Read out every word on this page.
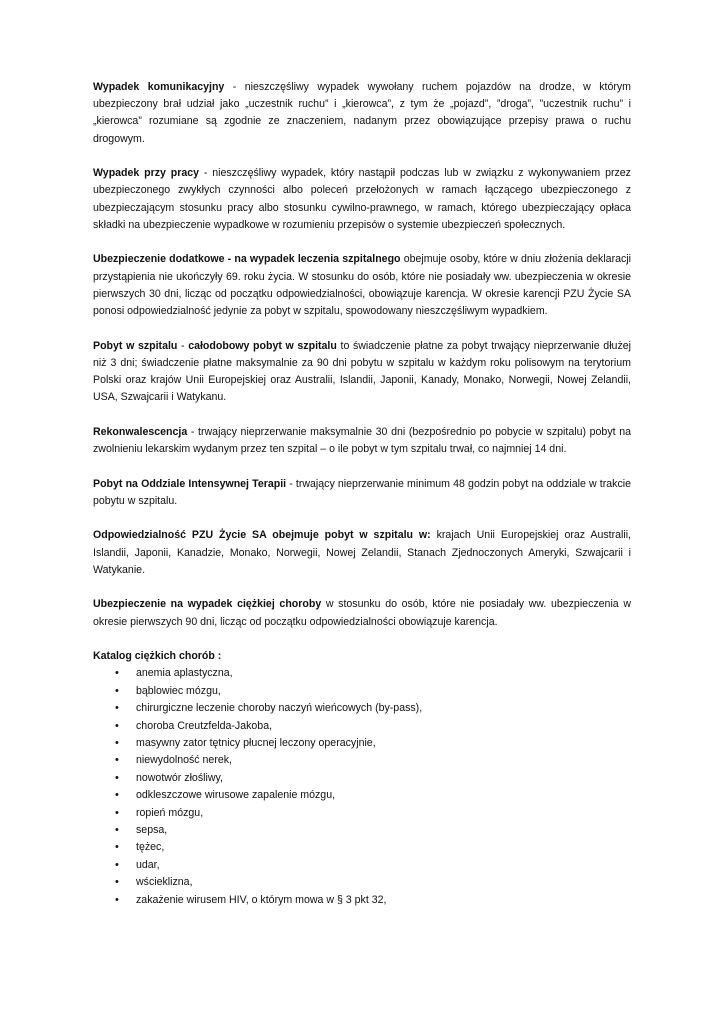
Wypadek komunikacyjny - nieszczęśliwy wypadek wywołany ruchem pojazdów na drodze, w którym ubezpieczony brał udział jako „uczestnik ruchu” i „kierowca”, z tym że „pojazd”, ”droga”, ”uczestnik ruchu” i „kierowca” rozumiane są zgodnie ze znaczeniem, nadanym przez obowiązujące przepisy prawa o ruchu drogowym.

Wypadek przy pracy - nieszczęśliwy wypadek, który nastąpił podczas lub w związku z wykonywaniem przez ubezpieczonego zwykłych czynności albo poleceń przełożonych w ramach łączącego ubezpieczonego z ubezpieczającym stosunku pracy albo stosunku cywilno-prawnego, w ramach, którego ubezpieczający opłaca składki na ubezpieczenie wypadkowe w rozumieniu przepisów o systemie ubezpieczeń społecznych.

Ubezpieczenie dodatkowe - na wypadek leczenia szpitalnego obejmuje osoby, które w dniu złożenia deklaracji przystąpienia nie ukończyły 69. roku życia. W stosunku do osób, które nie posiadały ww. ubezpieczenia w okresie pierwszych 30 dni, licząc od początku odpowiedzialności, obowiązuje karencja. W okresie karencji PZU Życie SA ponosi odpowiedzialność jedynie za pobyt w szpitalu, spowodowany nieszczęśliwym wypadkiem.

Pobyt w szpitalu - całodobowy pobyt w szpitalu to świadczenie płatne za pobyt trwający nieprzerwanie dłużej niż 3 dni; świadczenie płatne maksymalnie za 90 dni pobytu w szpitalu w każdym roku polisowym na terytorium Polski oraz krajów Unii Europejskiej oraz Australii, Islandii, Japonii, Kanady, Monako, Norwegii, Nowej Zelandii, USA, Szwajcarii i Watykanu.

Rekonwalescencja - trwający nieprzerwanie maksymalnie 30 dni (bezpośrednio po pobycie w szpitalu) pobyt na zwolnieniu lekarskim wydanym przez ten szpital – o ile pobyt w tym szpitalu trwał, co najmniej 14 dni.

Pobyt na Oddziale Intensywnej Terapii - trwający nieprzerwanie minimum 48 godzin pobyt na oddziale w trakcie pobytu w szpitalu.

Odpowiedzialność PZU Życie SA obejmuje pobyt w szpitalu w: krajach Unii Europejskiej oraz Australii, Islandii, Japonii, Kanadzie, Monako, Norwegii, Nowej Zelandii, Stanach Zjednoczonych Ameryki, Szwajcarii i Watykanie.

Ubezpieczenie na wypadek ciężkiej choroby w stosunku do osób, które nie posiadały ww. ubezpieczenia w okresie pierwszych 90 dni, licząc od początku odpowiedzialności obowiązuje karencja.

Katalog ciężkich chorób :

• anemia aplastyczna,
• bąblowiec mózgu,
• chirurgiczne leczenie choroby naczyń wieńcowych (by-pass),
• choroba Creutzfelda-Jakoba,
• masywny zator tętnicy płucnej leczony operacyjnie,
• niewydolność nerek,
• nowotwór złośliwy,
• odkleszczowe wirusowe zapalenie mózgu,
• ropień mózgu,
• sepsa,
• tężec,
• udar,
• wścieklizna,
• zakażenie wirusem HIV, o którym mowa w § 3 pkt 32,
